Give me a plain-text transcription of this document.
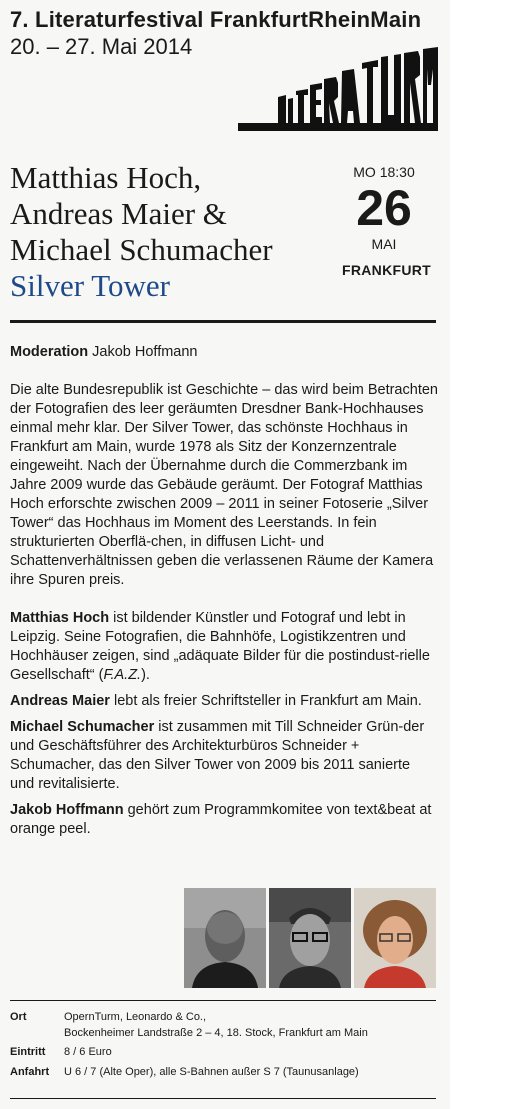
7. Literaturfestival FrankfurtRheinMain
20. – 27. Mai 2014
Matthias Hoch,
Andreas Maier &
Michael Schumacher
Silver Tower
MO 18:30
26
MAI
FRANKFURT

Moderation Jakob Hoffmann

Die alte Bundesrepublik ist Geschichte – das wird beim Betrachten der Fotografien des leer geräumten Dresdner Bank-Hochhauses einmal mehr klar. Der Silver Tower, das schönste Hochhaus in Frankfurt am Main, wurde 1978 als Sitz der Konzernzentrale eingeweiht. Nach der Übernahme durch die Commerzbank im Jahre 2009 wurde das Gebäude geräumt. Der Fotograf Matthias Hoch erforschte zwischen 2009 – 2011 in seiner Fotoserie „Silver Tower“ das Hochhaus im Moment des Leerstands. In fein strukturierten Oberflä-chen, in diffusen Licht- und Schattenverhältnissen geben die verlassenen Räume der Kamera ihre Spuren preis.

Matthias Hoch ist bildender Künstler und Fotograf und lebt in Leipzig. Seine Fotografien, die Bahnhöfe, Logistikzentren und Hochhäuser zeigen, sind „adäquate Bilder für die postindust-rielle Gesellschaft“ (F.A.Z.).

Andreas Maier lebt als freier Schriftsteller in Frankfurt am Main.

Michael Schumacher ist zusammen mit Till Schneider Grün-der und Geschäftsführer des Architekturbüros Schneider + Schumacher, das den Silver Tower von 2009 bis 2011 sanierte und revitalisierte.

Jakob Hoffmann gehört zum Programmkomitee von text&beat at orange peel.

Ort	OpernTurm, Leonardo & Co.,
Bockenheimer Landstraße 2 – 4, 18. Stock, Frankfurt am Main
Eintritt	8 / 6 Euro
Anfahrt	U 6 / 7 (Alte Oper), alle S-Bahnen außer S 7 (Taunusanlage)
